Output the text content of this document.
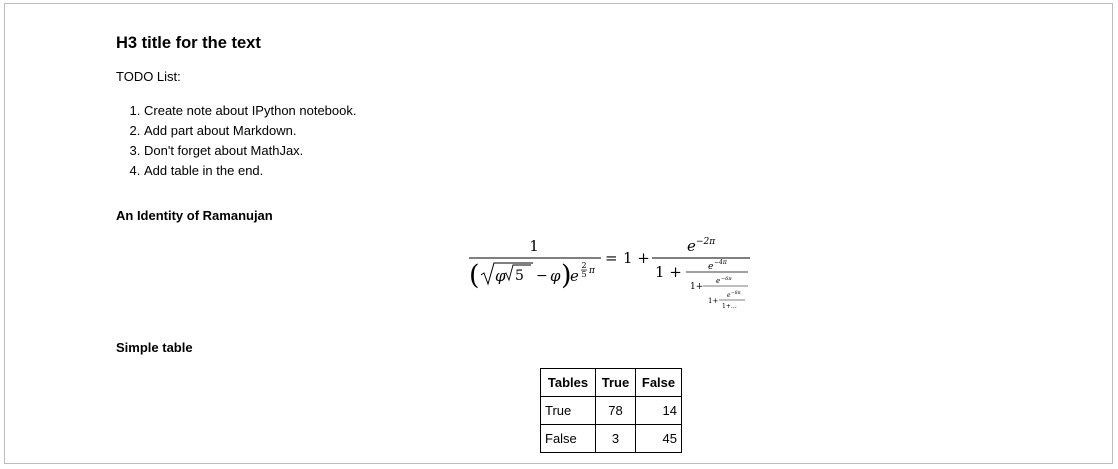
H3 title for the text

TODO List:

1. Create note about IPython notebook.
2. Add part about Markdown.
3. Don't forget about MathJax.
4. Add table in the end.
An Identity of Ramanujan
Simple table
1
( φ 5 − φ )
e
2
5 π
= 1 +
e −2π
1 +	e −4π
1+
e −6π
1+
e −8π
1+…
Tables	True	False
True	78	14
False	3	45
